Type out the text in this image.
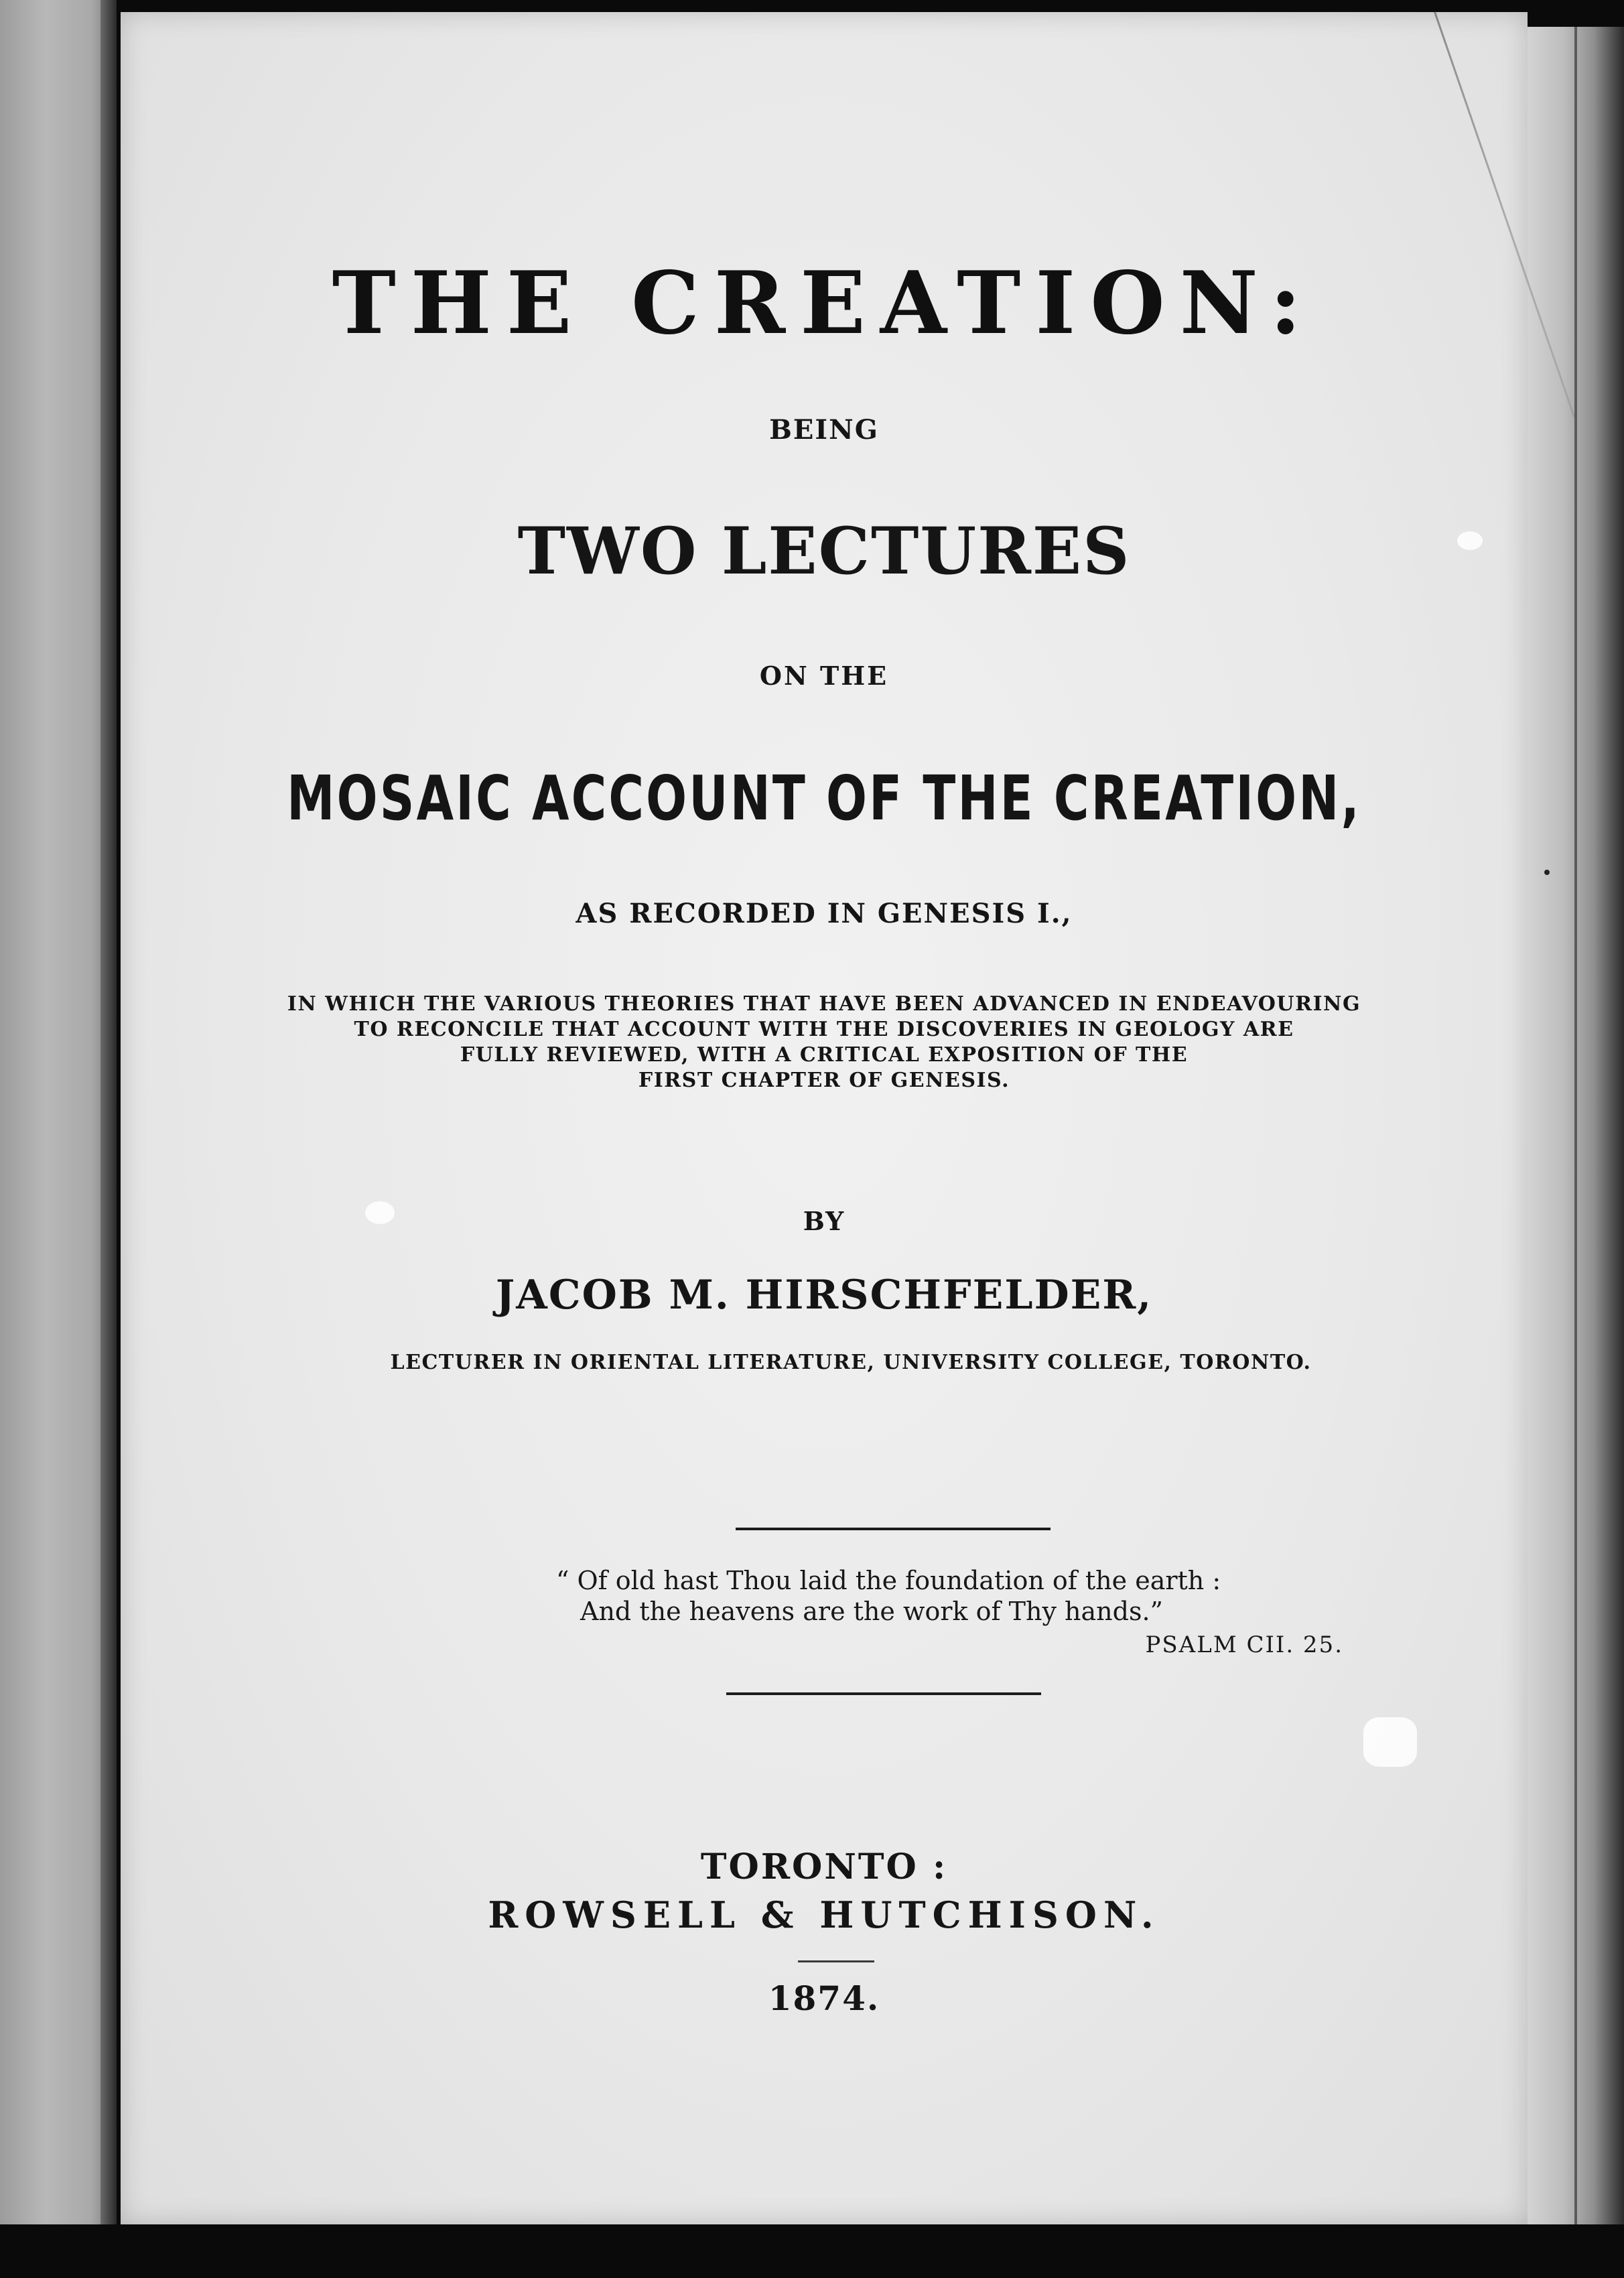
THE CREATION:
BEING
TWO LECTURES
ON THE
MOSAIC ACCOUNT OF THE CREATION,
AS RECORDED IN GENESIS I.,
IN WHICH THE VARIOUS THEORIES THAT HAVE BEEN ADVANCED IN ENDEAVOURING
TO RECONCILE THAT ACCOUNT WITH THE DISCOVERIES IN GEOLOGY ARE
FULLY REVIEWED, WITH A CRITICAL EXPOSITION OF THE
FIRST CHAPTER OF GENESIS.
BY
JACOB M. HIRSCHFELDER,
LECTURER IN ORIENTAL LITERATURE, UNIVERSITY COLLEGE, TORONTO.
“ Of old hast Thou laid the foundation of the earth :
And the heavens are the work of Thy hands.”
PSALM CII. 25.
TORONTO :
ROWSELL & HUTCHISON.
1874.
